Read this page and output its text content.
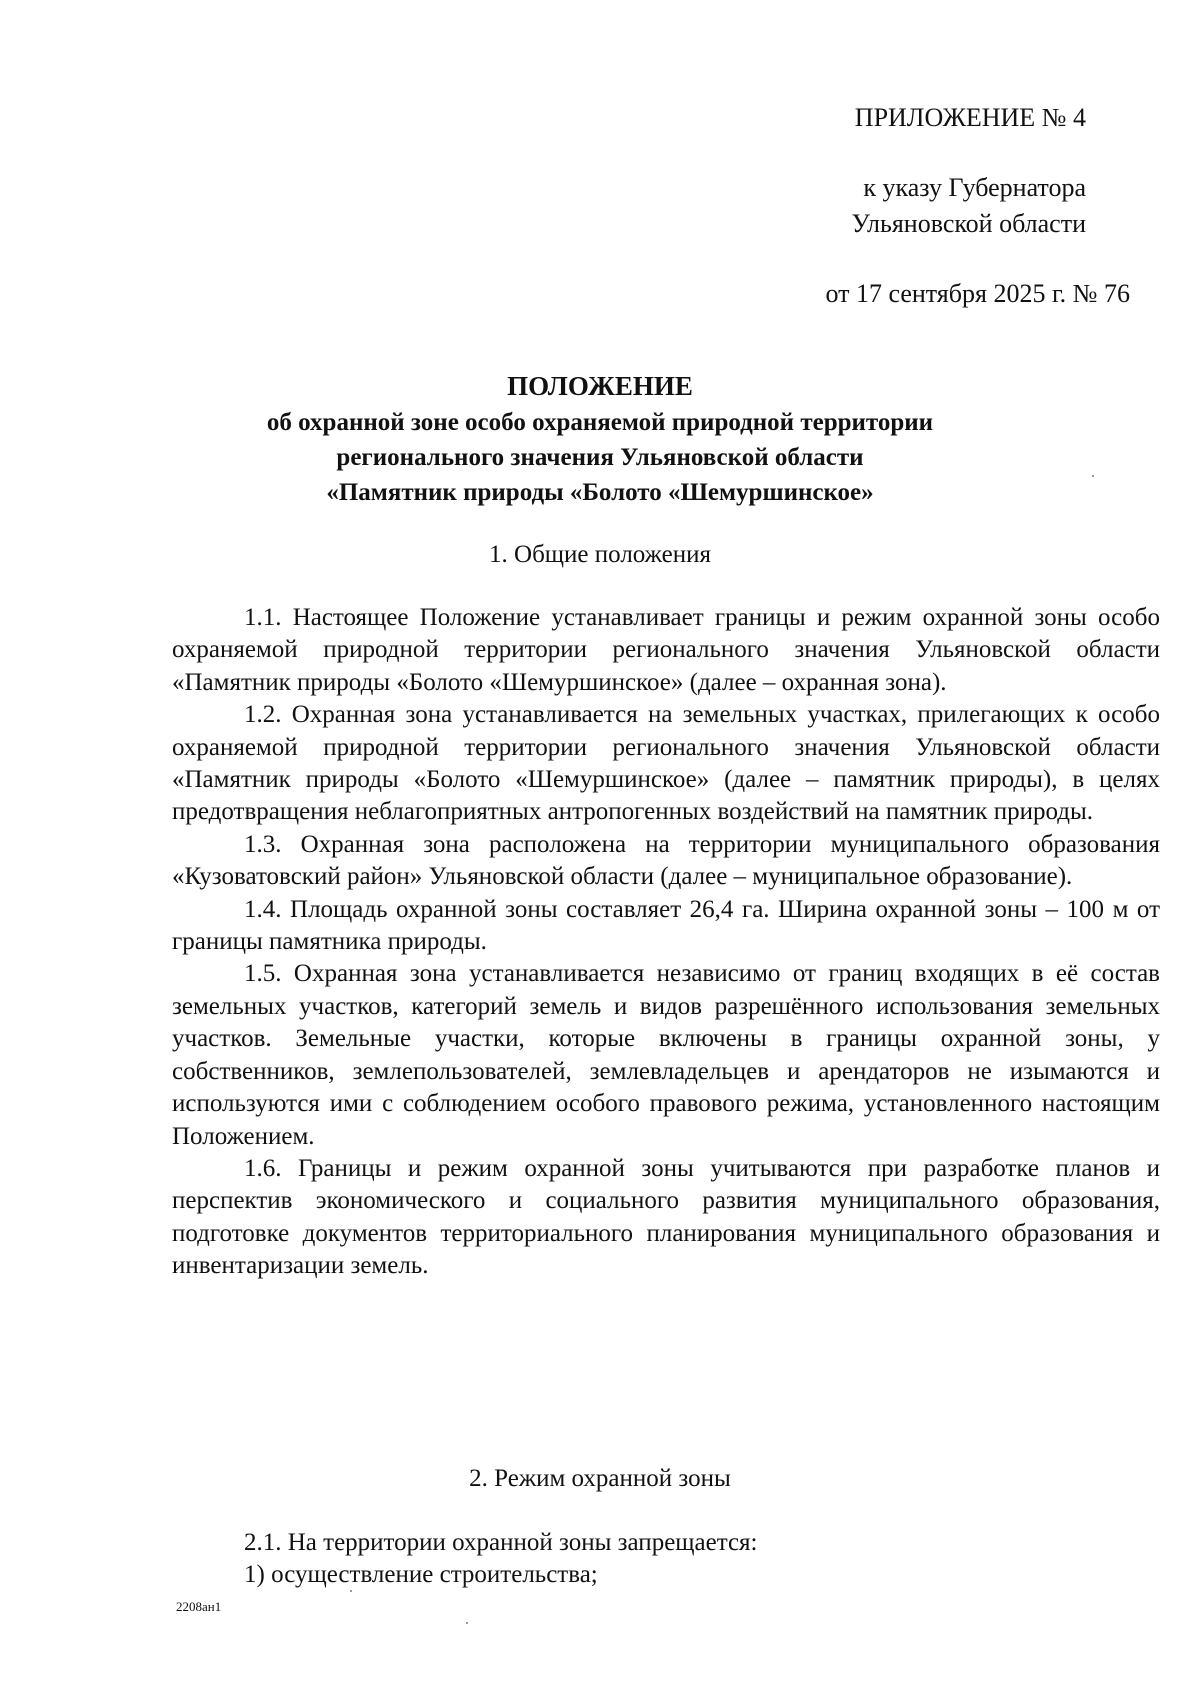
ПРИЛОЖЕНИЕ № 4
к указу Губернатора
Ульяновской области
от 17 сентября 2025 г. № 76
ПОЛОЖЕНИЕ
об охранной зоне особо охраняемой природной территории
регионального значения Ульяновской области
«Памятник природы «Болото «Шемуршинское»
1. Общие положения

1.1. Настоящее Положение устанавливает границы и режим охранной зоны особо охраняемой природной территории регионального значения Ульяновской области «Памятник природы «Болото «Шемуршинское» (далее – охранная зона).

1.2. Охранная зона устанавливается на земельных участках, прилегающих к особо охраняемой природной территории регионального значения Ульяновской области «Памятник природы «Болото «Шемуршинское» (далее – памятник природы), в целях предотвращения неблагоприятных антропогенных воздействий на памятник природы.

1.3. Охранная зона расположена на территории муниципального образования «Кузоватовский район» Ульяновской области (далее – муниципальное образование).

1.4. Площадь охранной зоны составляет 26,4 га. Ширина охранной зоны – 100 м от границы памятника природы.

1.5. Охранная зона устанавливается независимо от границ входящих в её состав земельных участков, категорий земель и видов разрешённого использования земельных участков. Земельные участки, которые включены в границы охранной зоны, у собственников, землепользователей, землевладельцев и арендаторов не изымаются и используются ими с соблюдением особого правового режима, установленного настоящим Положением.

1.6. Границы и режим охранной зоны учитываются при разработке планов и перспектив экономического и социального развития муниципального образования, подготовке документов территориального планирования муниципального образования и инвентаризации земель.

2. Режим охранной зоны

2.1. На территории охранной зоны запрещается:

1) осуществление строительства;

2208ан1
